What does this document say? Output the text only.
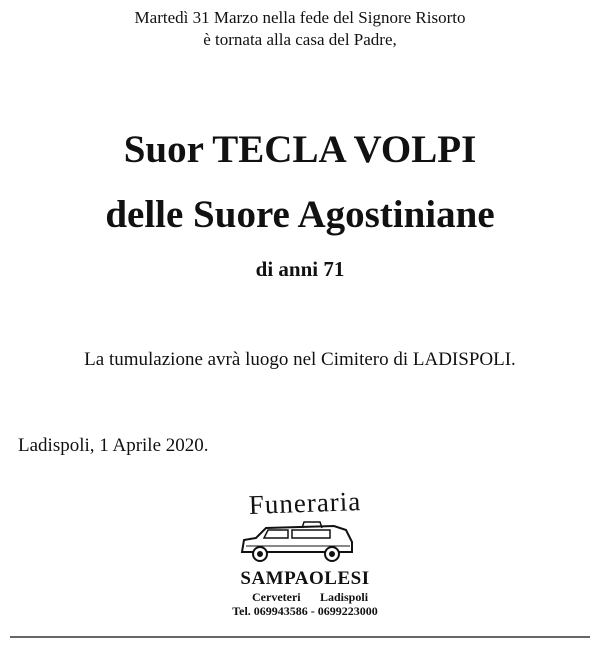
Martedì 31 Marzo nella fede del Signore Risorto
è tornata alla casa del Padre,
Suor TECLA VOLPI
delle Suore Agostiniane
di anni 71
La tumulazione avrà luogo nel Cimitero di LADISPOLI.
Ladispoli, 1 Aprile 2020.
Funeraria
SAMPAOLESI
Cerveteri Ladispoli
Tel. 069943586 - 0699223000
